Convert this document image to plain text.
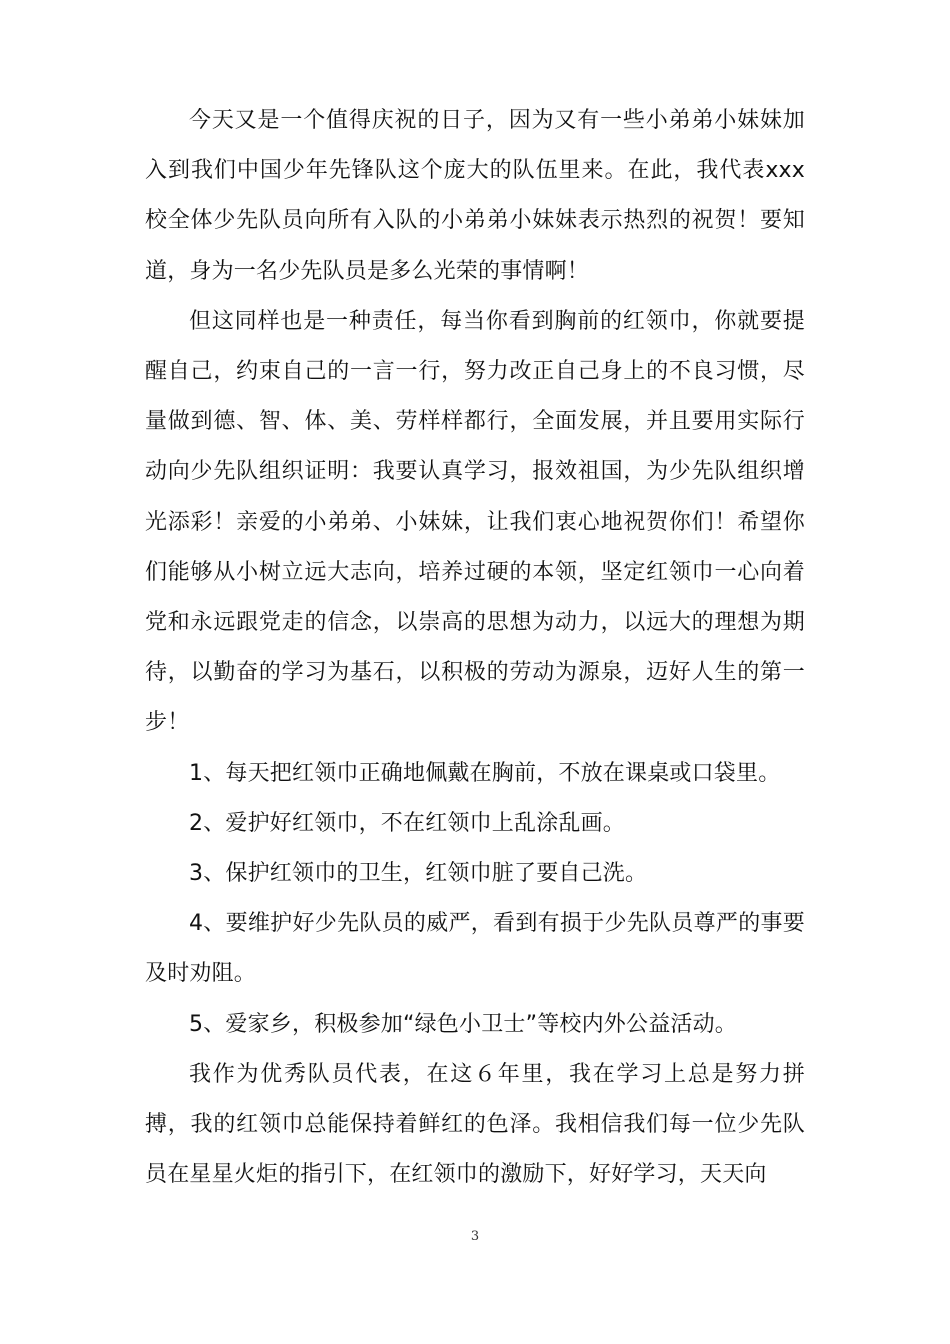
今天又是一个值得庆祝的日子，因为又有一些小弟弟小妹妹加入到我们中国少年先锋队这个庞大的队伍里来。在此，我代表xxx校全体少先队员向所有入队的小弟弟小妹妹表示热烈的祝贺！要知道，身为一名少先队员是多么光荣的事情啊！

但这同样也是一种责任，每当你看到胸前的红领巾，你就要提醒自己，约束自己的一言一行，努力改正自己身上的不良习惯，尽量做到德、智、体、美、劳样样都行，全面发展，并且要用实际行动向少先队组织证明：我要认真学习，报效祖国，为少先队组织增光添彩！亲爱的小弟弟、小妹妹，让我们衷心地祝贺你们！希望你们能够从小树立远大志向，培养过硬的本领，坚定红领巾一心向着党和永远跟党走的信念，以崇高的思想为动力，以远大的理想为期待，以勤奋的学习为基石，以积极的劳动为源泉，迈好人生的第一步！

1、每天把红领巾正确地佩戴在胸前，不放在课桌或口袋里。

2、爱护好红领巾，不在红领巾上乱涂乱画。

3、保护红领巾的卫生，红领巾脏了要自己洗。

4、要维护好少先队员的威严，看到有损于少先队员尊严的事要及时劝阻。

5、爱家乡，积极参加“绿色小卫士”等校内外公益活动。

我作为优秀队员代表，在这６年里，我在学习上总是努力拼搏，我的红领巾总能保持着鲜红的色泽。我相信我们每一位少先队员在星星火炬的指引下，在红领巾的激励下，好好学习，天天向

3
